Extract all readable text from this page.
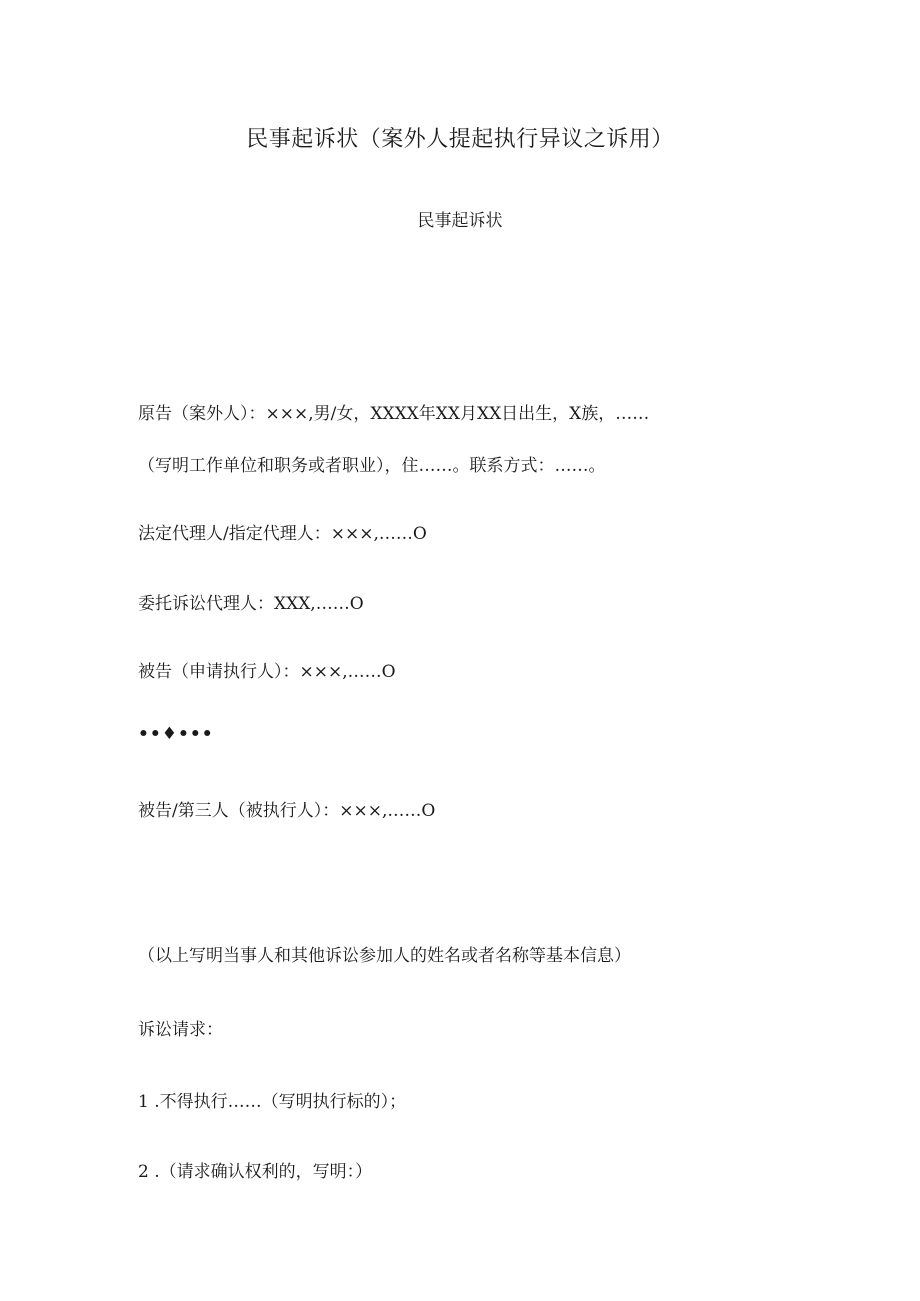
民事起诉状（案外人提起执行异议之诉用）
民事起诉状
原告（案外人）：×××,男/女，XXXX年XX月XX日出生，X族，……
（写明工作单位和职务或者职业），住……。联系方式：……。
法定代理人/指定代理人：×××,……O
委托诉讼代理人：XXX,……O
被告（申请执行人）：×××,……O
••♦•••
被告/第三人（被执行人）：×××,……O
（以上写明当事人和其他诉讼参加人的姓名或者名称等基本信息）
诉讼请求：
1 .不得执行……（写明执行标的）；
2 .（请求确认权利的，写明：）
